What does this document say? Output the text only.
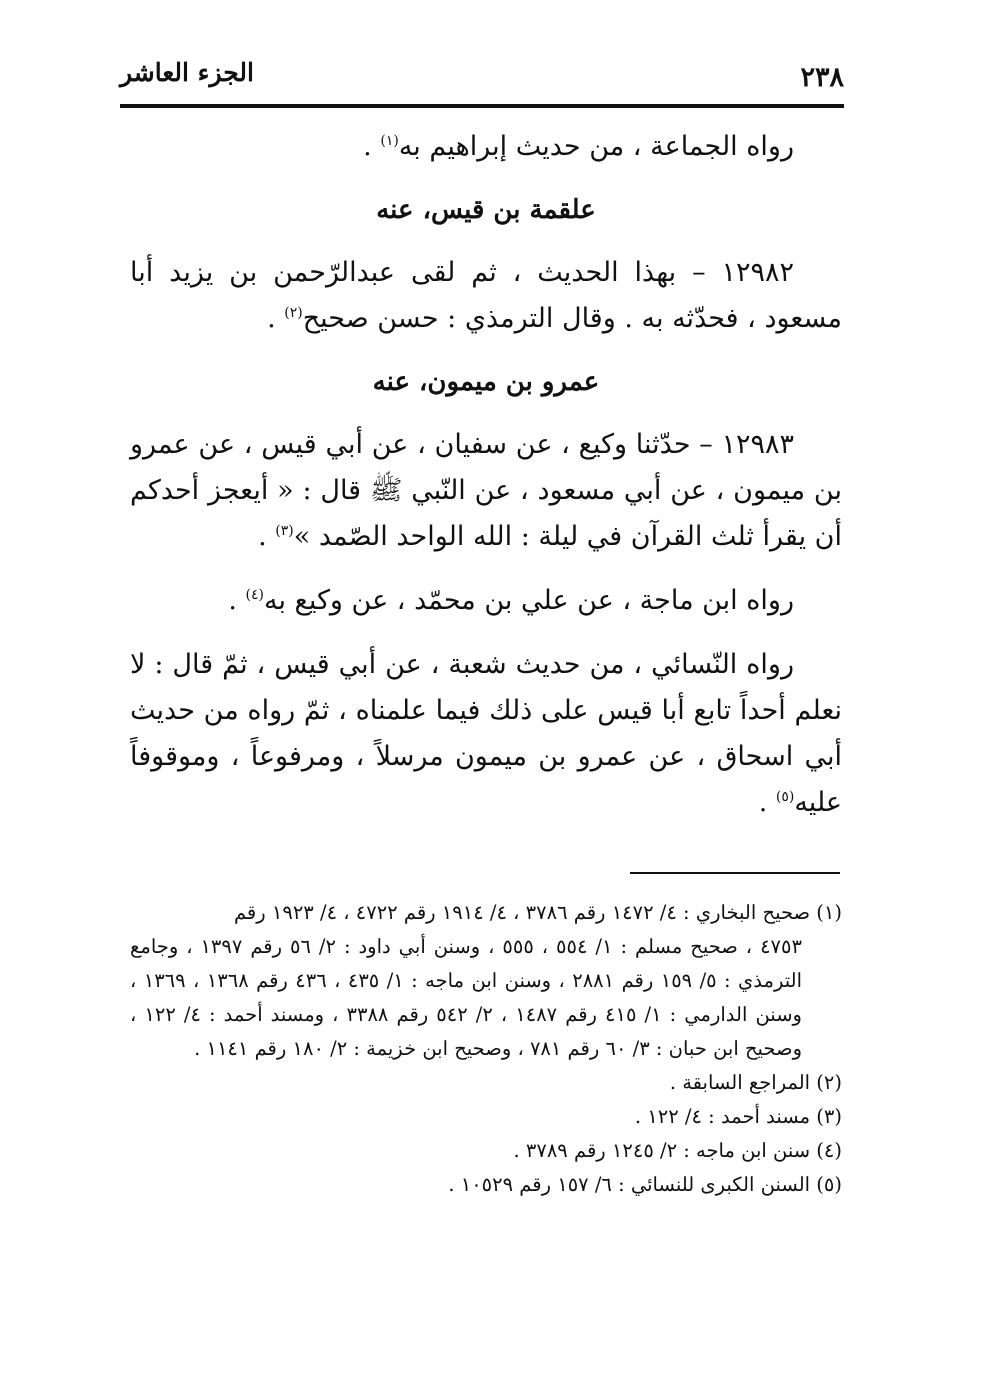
٢٣٨
الجزء العاشر

رواه الجماعة ، من حديث إبراهيم به$^{(١)}$ .

علقمة بن قيس، عنه

١٢٩٨٢ – بهذا الحديث ، ثم لقى عبدالرّحمن بن يزيد أبا مسعود ، فحدّثه به . وقال الترمذي : حسن صحيح$^{(٢)}$ .

عمرو بن ميمون، عنه

١٢٩٨٣ – حدّثنا وكيع ، عن سفيان ، عن أبي قيس ، عن عمرو بن ميمون ، عن أبي مسعود ، عن النّبي ﷺ قال : « أيعجز أحدكم أن يقرأ ثلث القرآن في ليلة : الله الواحد الصّمد »$^{(٣)}$ .

رواه ابن ماجة ، عن علي بن محمّد ، عن وكيع به$^{(٤)}$ .

رواه النّسائي ، من حديث شعبة ، عن أبي قيس ، ثمّ قال : لا نعلم أحداً تابع أبا قيس على ذلك فيما علمناه ، ثمّ رواه من حديث أبي اسحاق ، عن عمرو بن ميمون مرسلاً ، ومرفوعاً ، وموقوفاً عليه$^{(٥)}$ .

(١) صحيح البخاري : ٤/ ١٤٧٢ رقم ٣٧٨٦ ، ٤/ ١٩١٤ رقم ٤٧٢٢ ، ٤/ ١٩٢٣ رقم
٤٧٥٣ ، صحيح مسلم : ١/ ٥٥٤ ، ٥٥٥ ، وسنن أبي داود : ٢/ ٥٦ رقم ١٣٩٧ ، وجامع الترمذي : ٥/ ١٥٩ رقم ٢٨٨١ ، وسنن ابن ماجه : ١/ ٤٣٥ ، ٤٣٦ رقم ١٣٦٨ ، ١٣٦٩ ، وسنن الدارمي : ١/ ٤١٥ رقم ١٤٨٧ ، ٢/ ٥٤٢ رقم ٣٣٨٨ ، ومسند أحمد : ٤/ ١٢٢ ، وصحيح ابن حبان : ٣/ ٦٠ رقم ٧٨١ ، وصحيح ابن خزيمة : ٢/ ١٨٠ رقم ١١٤١ .

(٢) المراجع السابقة .

(٣) مسند أحمد : ٤/ ١٢٢ .

(٤) سنن ابن ماجه : ٢/ ١٢٤٥ رقم ٣٧٨٩ .

(٥) السنن الكبرى للنسائي : ٦/ ١٥٧ رقم ١٠٥٢٩ .
